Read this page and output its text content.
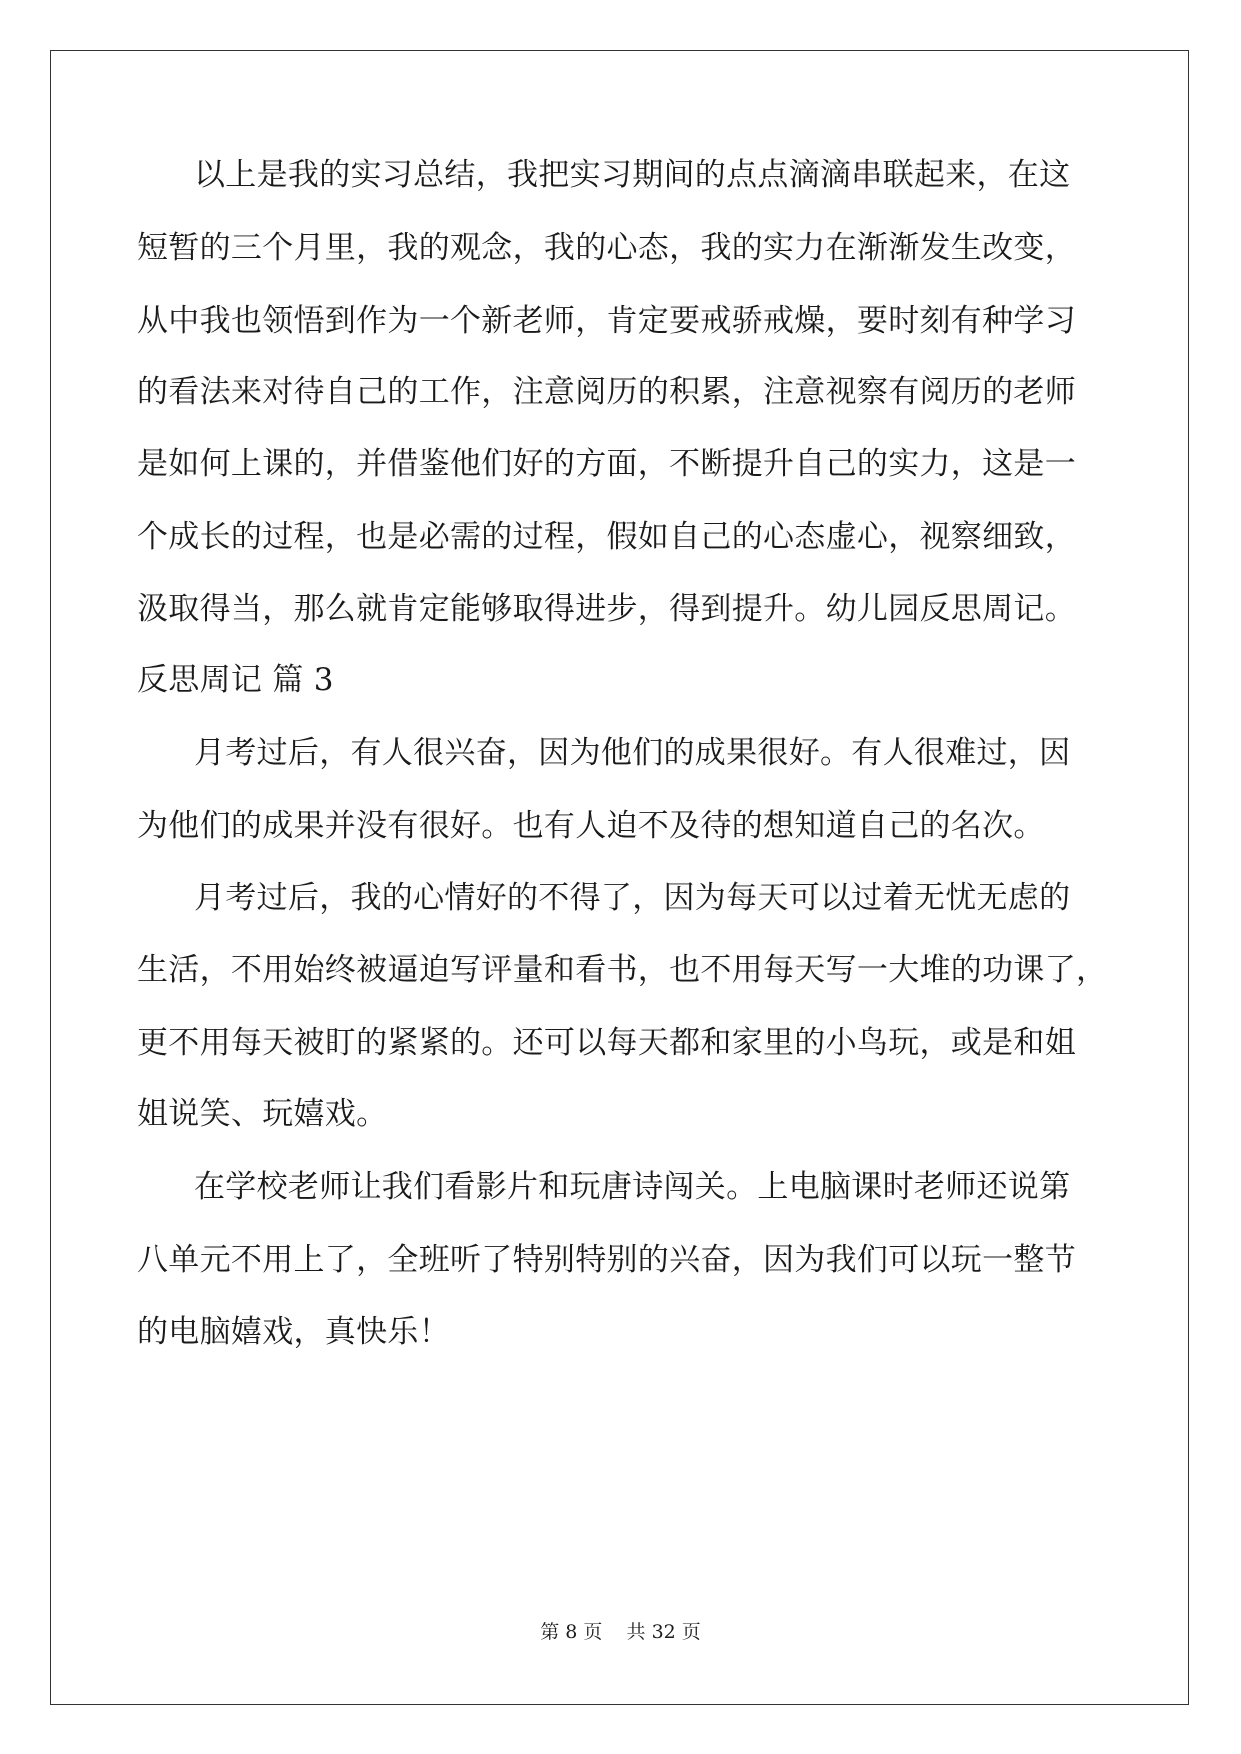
以上是我的实习总结，我把实习期间的点点滴滴串联起来，在这
短暂的三个月里，我的观念，我的心态，我的实力在渐渐发生改变，
从中我也领悟到作为一个新老师，肯定要戒骄戒燥，要时刻有种学习
的看法来对待自己的工作，注意阅历的积累，注意视察有阅历的老师
是如何上课的，并借鉴他们好的方面，不断提升自己的实力，这是一
个成长的过程，也是必需的过程，假如自己的心态虚心，视察细致，
汲取得当，那么就肯定能够取得进步，得到提升。幼儿园反思周记。
反思周记 篇 3
月考过后，有人很兴奋，因为他们的成果很好。有人很难过，因
为他们的成果并没有很好。也有人迫不及待的想知道自己的名次。
月考过后，我的心情好的不得了，因为每天可以过着无忧无虑的
生活，不用始终被逼迫写评量和看书，也不用每天写一大堆的功课了，
更不用每天被盯的紧紧的。还可以每天都和家里的小鸟玩，或是和姐
姐说笑、玩嬉戏。
在学校老师让我们看影片和玩唐诗闯关。上电脑课时老师还说第
八单元不用上了，全班听了特别特别的兴奋，因为我们可以玩一整节
的电脑嬉戏，真快乐！
第 8 页 共 32 页
